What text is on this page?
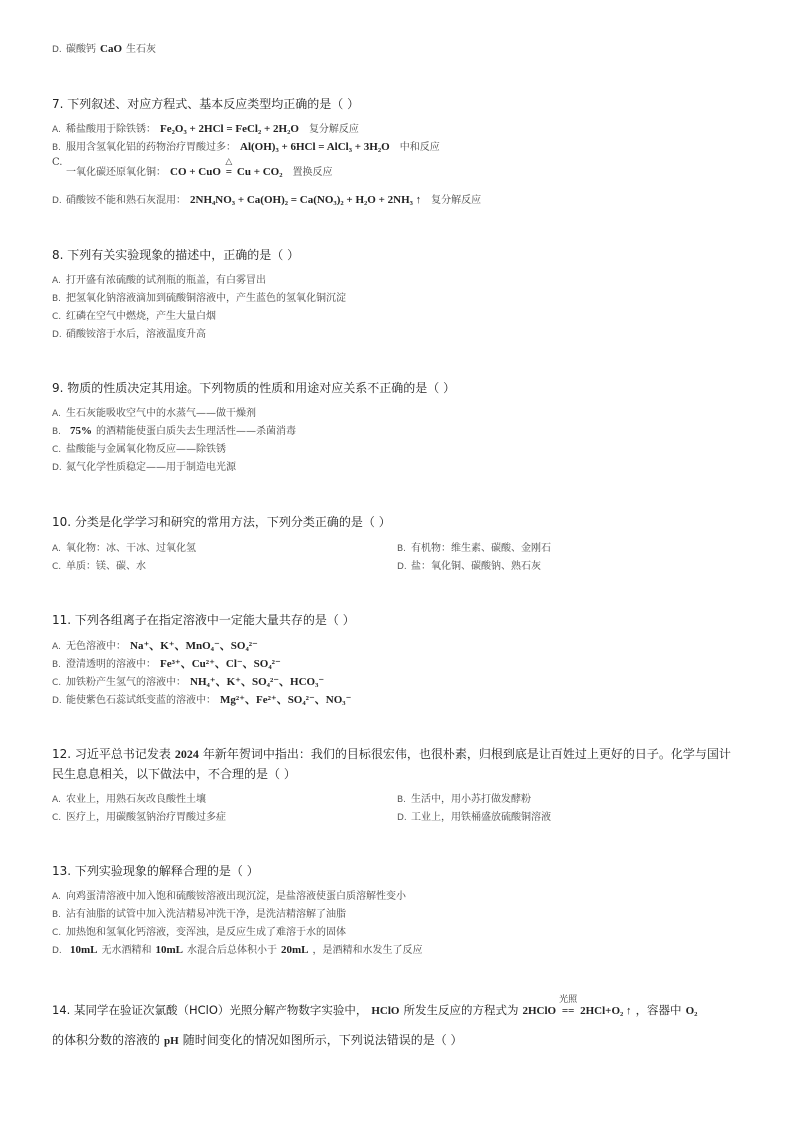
D. 碳酸钙 CaO 生石灰
7. 下列叙述、对应方程式、基本反应类型均正确的是（ ）
A. 稀盐酸用于除铁锈： Fe₂O₃ + 2HCl = FeCl₂ + 2H₂O 复分解反应
B. 服用含氢氧化铝的药物治疗胃酸过多： Al(OH)₃ + 6HCl = AlCl₃ + 3H₂O 中和反应
C.
一氧化碳还原氧化铜： CO + CuO
△
= Cu + CO₂ 置换反应
D. 硝酸铵不能和熟石灰混用： 2NH₄NO₃ + Ca(OH)₂ = Ca(NO₃)₂ + H₂O + 2NH₃ ↑ 复分解反应
8. 下列有关实验现象的描述中，正确的是（ ）
A. 打开盛有浓硫酸的试剂瓶的瓶盖，有白雾冒出
B. 把氢氧化钠溶液滴加到硫酸铜溶液中，产生蓝色的氢氧化铜沉淀
C. 红磷在空气中燃烧，产生大量白烟
D. 硝酸铵溶于水后，溶液温度升高
9. 物质的性质决定其用途。下列物质的性质和用途对应关系不正确的是（ ）
A. 生石灰能吸收空气中的水蒸气——做干燥剂
B. 75% 的酒精能使蛋白质失去生理活性——杀菌消毒
C. 盐酸能与金属氧化物反应——除铁锈
D. 氮气化学性质稳定——用于制造电光源
10. 分类是化学学习和研究的常用方法，下列分类正确的是（ ）
A. 氧化物：冰、干冰、过氧化氢	B. 有机物：维生素、碳酸、金刚石
C. 单质：镁、碳、水	D. 盐：氧化铜、碳酸钠、熟石灰
11. 下列各组离子在指定溶液中一定能大量共存的是（ ）
A. 无色溶液中： Na⁺、K⁺、MnO₄⁻、SO₄²⁻
B. 澄清透明的溶液中： Fe³⁺、Cu²⁺、Cl⁻、SO₄²⁻
C. 加铁粉产生氢气的溶液中： NH₄⁺、K⁺、SO₄²⁻、HCO₃⁻
D. 能使紫色石蕊试纸变蓝的溶液中： Mg²⁺、Fe²⁺、SO₄²⁻、NO₃⁻
12. 习近平总书记发表 2024 年新年贺词中指出：我们的目标很宏伟，也很朴素，归根到底是让百姓过上更好的日子。化学与国计
民生息息相关，以下做法中，不合理的是（ ）
A. 农业上，用熟石灰改良酸性土壤	B. 生活中，用小苏打做发酵粉
C. 医疗上，用碳酸氢钠治疗胃酸过多症	D. 工业上，用铁桶盛放硫酸铜溶液
13. 下列实验现象的解释合理的是（ ）
A. 向鸡蛋清溶液中加入饱和硫酸铵溶液出现沉淀，是盐溶液使蛋白质溶解性变小
B. 沾有油脂的试管中加入洗洁精易冲洗干净，是洗洁精溶解了油脂
C. 加热饱和氢氧化钙溶液，变浑浊，是反应生成了难溶于水的固体
D. 10mL 无水酒精和 10mL 水混合后总体积小于 20mL ，是酒精和水发生了反应
14. 某同学在验证次氯酸（HClO）光照分解产物数字实验中， HClO 所发生反应的方程式为 2HClO
光照
== 2HCl+O₂ ↑ ，容器中 O₂
的体积分数的溶液的 pH 随时间变化的情况如图所示，下列说法错误的是（ ）
